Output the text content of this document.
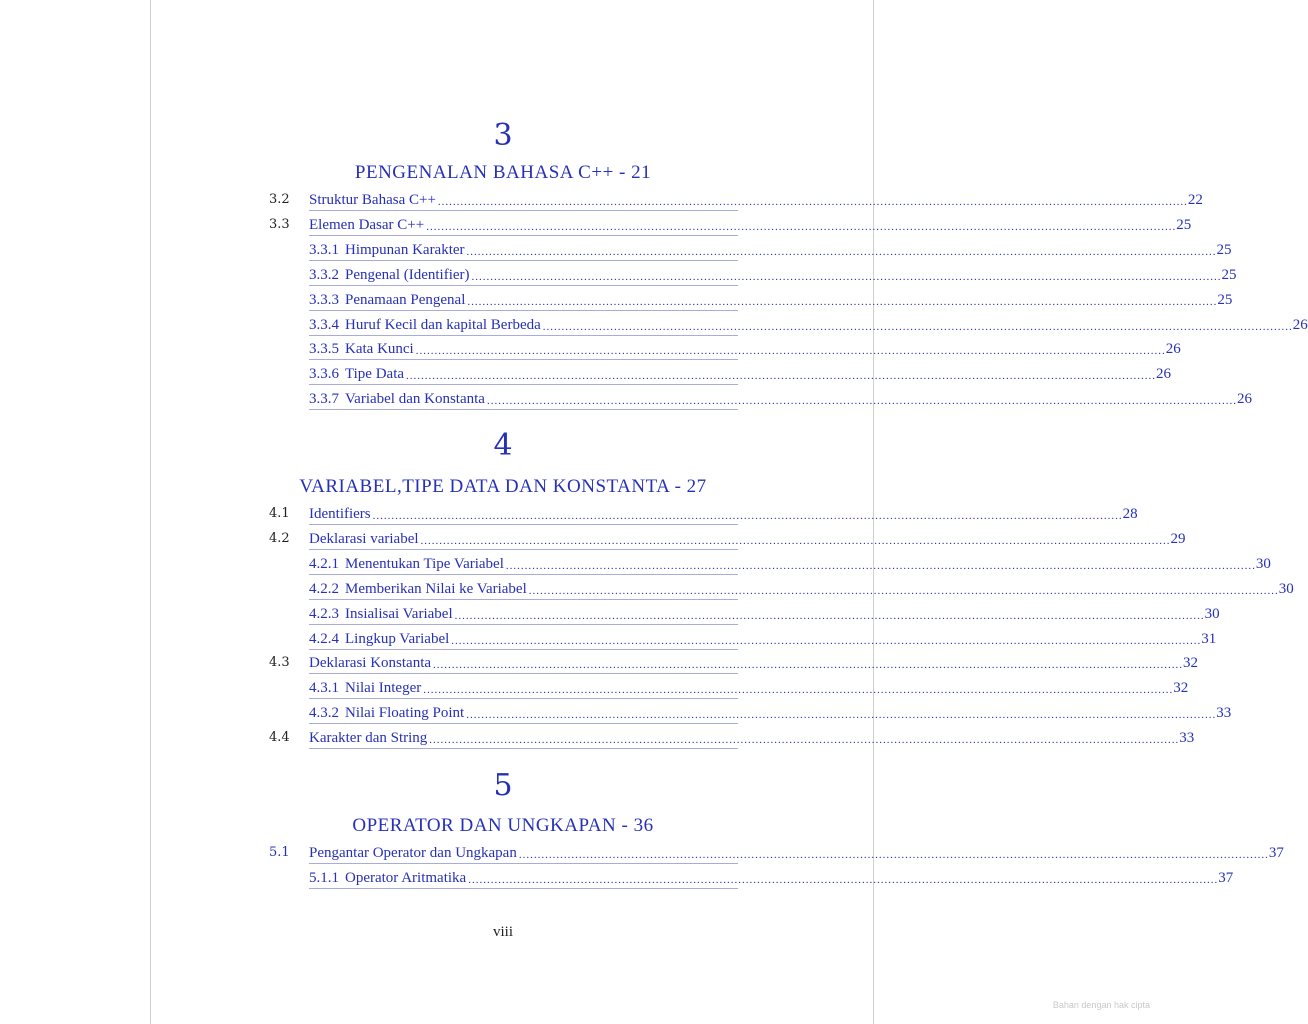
viii
3
PENGENALAN BAHASA C++ - 21
3.2 Struktur Bahasa C++ ........................................................................................................................................................................................................ 22
3.3 Elemen Dasar C++ ........................................................................................................................................................................................................ 25
3.3.1 Himpunan Karakter ........................................................................................................................................................................................................ 25
3.3.2 Pengenal (Identifier) ........................................................................................................................................................................................................ 25
3.3.3 Penamaan Pengenal ........................................................................................................................................................................................................ 25
3.3.4 Huruf Kecil dan kapital Berbeda ........................................................................................................................................................................................................ 26
3.3.5 Kata Kunci ........................................................................................................................................................................................................ 26
3.3.6 Tipe Data ........................................................................................................................................................................................................ 26
3.3.7 Variabel dan Konstanta ........................................................................................................................................................................................................ 26
4
VARIABEL,TIPE DATA DAN KONSTANTA - 27
4.1 Identifiers ........................................................................................................................................................................................................ 28
4.2 Deklarasi variabel ........................................................................................................................................................................................................ 29
4.2.1 Menentukan Tipe Variabel ........................................................................................................................................................................................................ 30
4.2.2 Memberikan Nilai ke Variabel ........................................................................................................................................................................................................ 30
4.2.3 Insialisai Variabel ........................................................................................................................................................................................................ 30
4.2.4 Lingkup Variabel ........................................................................................................................................................................................................ 31
4.3 Deklarasi Konstanta ........................................................................................................................................................................................................ 32
4.3.1 Nilai Integer ........................................................................................................................................................................................................ 32
4.3.2 Nilai Floating Point ........................................................................................................................................................................................................ 33
4.4 Karakter dan String ........................................................................................................................................................................................................ 33
5
OPERATOR DAN UNGKAPAN - 36
5.1 Pengantar Operator dan Ungkapan ........................................................................................................................................................................................................ 37
5.1.1 Operator Aritmatika ........................................................................................................................................................................................................ 37
Bahan dengan hak cipta
